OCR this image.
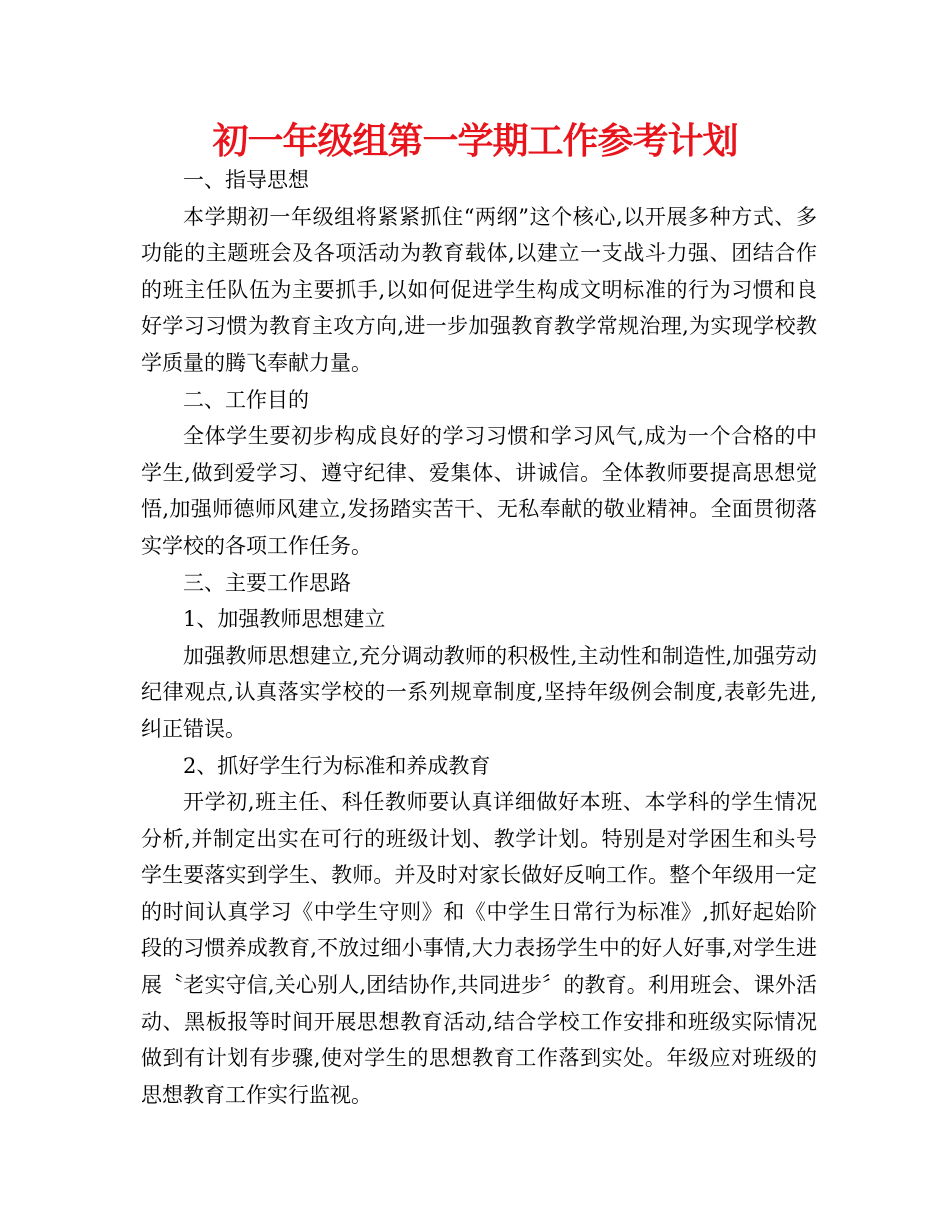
初一年级组第一学期工作参考计划

一、指导思想

本学期初一年级组将紧紧抓住“两纲”这个核心,以开展多种方式、多功能的主题班会及各项活动为教育载体,以建立一支战斗力强、团结合作的班主任队伍为主要抓手,以如何促进学生构成文明标准的行为习惯和良好学习习惯为教育主攻方向,进一步加强教育教学常规治理,为实现学校教学质量的腾飞奉献力量。

二、工作目的

全体学生要初步构成良好的学习习惯和学习风气,成为一个合格的中学生,做到爱学习、遵守纪律、爱集体、讲诚信。全体教师要提高思想觉悟,加强师德师风建立,发扬踏实苦干、无私奉献的敬业精神。全面贯彻落实学校的各项工作任务。

三、主要工作思路

1、加强教师思想建立

加强教师思想建立,充分调动教师的积极性,主动性和制造性,加强劳动纪律观点,认真落实学校的一系列规章制度,坚持年级例会制度,表彰先进,纠正错误。

2、抓好学生行为标准和养成教育

开学初,班主任、科任教师要认真详细做好本班、本学科的学生情况分析,并制定出实在可行的班级计划、教学计划。特别是对学困生和头号学生要落实到学生、教师。并及时对家长做好反响工作。整个年级用一定的时间认真学习《中学生守则》和《中学生日常行为标准》,抓好起始阶段的习惯养成教育,不放过细小事情,大力表扬学生中的好人好事,对学生进展〝老实守信,关心别人,团结协作,共同进步〞的教育。利用班会、课外活动、黑板报等时间开展思想教育活动,结合学校工作安排和班级实际情况做到有计划有步骤,使对学生的思想教育工作落到实处。年级应对班级的思想教育工作实行监视。
